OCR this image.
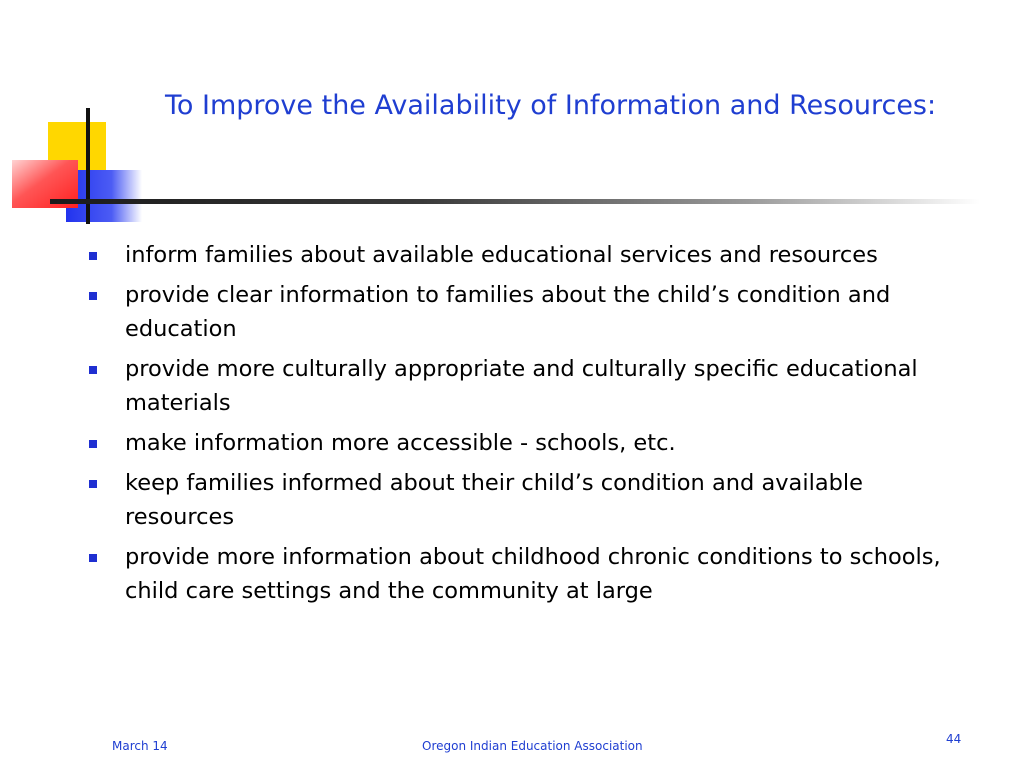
To Improve the Availability of Information and Resources:
inform families about available educational services and resources
provide clear information to families about the child’s condition and education
provide more culturally appropriate and culturally specific educational materials
make information more accessible - schools, etc.
keep families informed about their child’s condition and available resources
provide more information about childhood chronic conditions to schools, child care settings and the community at large
March 14	Oregon Indian Education Association	44
